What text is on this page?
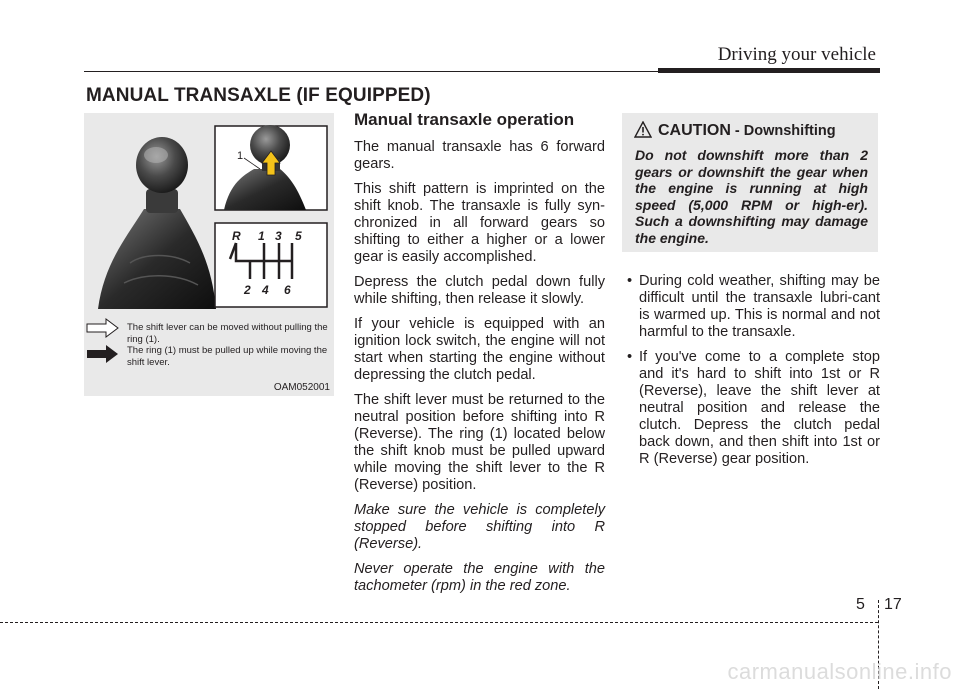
Driving your vehicle
MANUAL TRANSAXLE (IF EQUIPPED)
1
R 1 3 5
2 4 6

The shift lever can be moved without pulling the ring (1).

The ring (1) must be pulled up while moving the shift lever.

OAM052001
Manual transaxle operation

The manual transaxle has 6 forward gears.

This shift pattern is imprinted on the shift knob. The transaxle is fully syn-chronized in all forward gears so shifting to either a higher or a lower gear is easily accomplished.

Depress the clutch pedal down fully while shifting, then release it slowly.

If your vehicle is equipped with an ignition lock switch, the engine will not start when starting the engine without depressing the clutch pedal.

The shift lever must be returned to the neutral position before shifting into R (Reverse). The ring (1) located below the shift knob must be pulled upward while moving the shift lever to the R (Reverse) position.

Make sure the vehicle is completely stopped before shifting into R (Reverse).

Never operate the engine with the tachometer (rpm) in the red zone.

CAUTION - Downshifting

Do not downshift more than 2 gears or downshift the gear when the engine is running at high speed (5,000 RPM or high-er). Such a downshifting may damage the engine.

• During cold weather, shifting may be difficult until the transaxle lubri-cant is warmed up. This is normal and not harmful to the transaxle.
• If you've come to a complete stop and it's hard to shift into 1st or R (Reverse), leave the shift lever at neutral position and release the clutch. Depress the clutch pedal back down, and then shift into 1st or R (Reverse) gear position.
5 17
carmanualsonline.info
